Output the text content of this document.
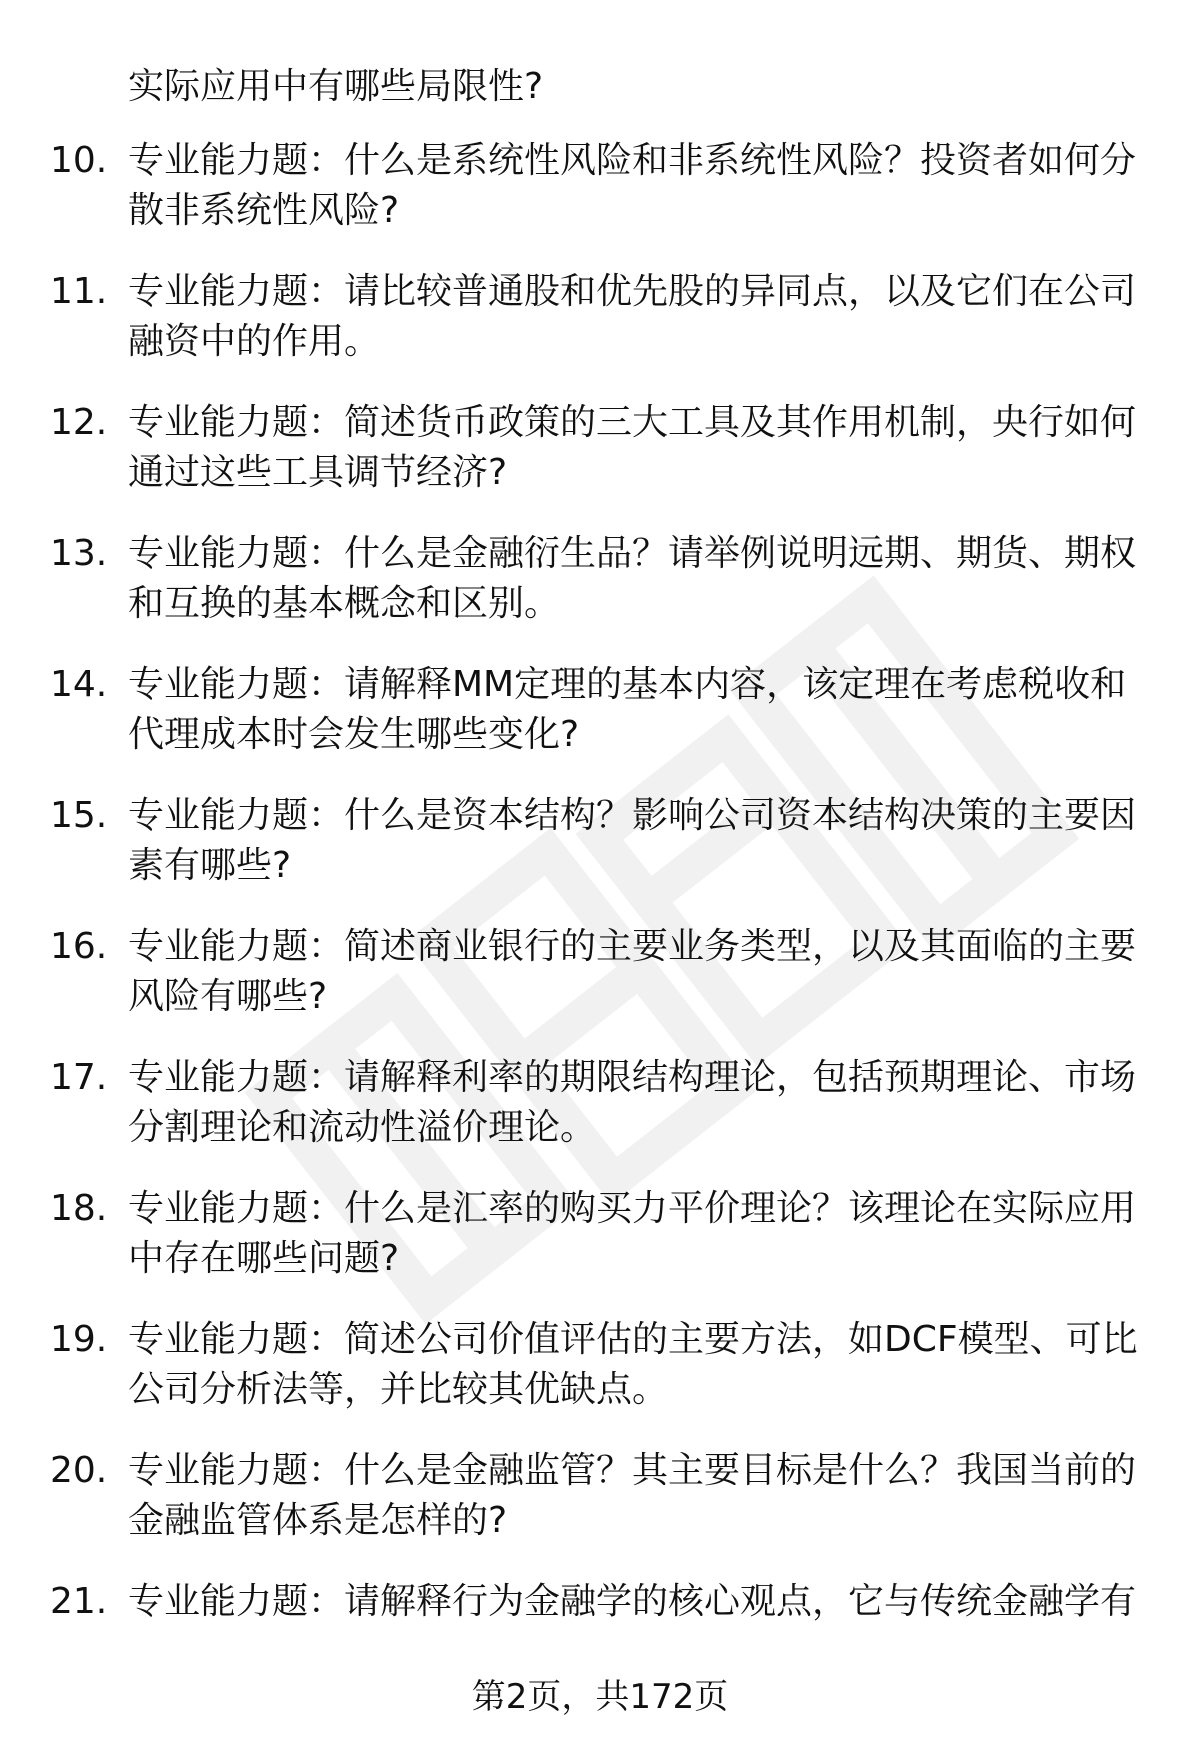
实际应用中有哪些局限性?
10. 专业能力题：什么是系统性风险和非系统性风险？投资者如何分散非系统性风险?
11. 专业能力题：请比较普通股和优先股的异同点，以及它们在公司融资中的作用。
12. 专业能力题：简述货币政策的三大工具及其作用机制，央行如何通过这些工具调节经济?
13. 专业能力题：什么是金融衍生品？请举例说明远期、期货、期权和互换的基本概念和区别。
14. 专业能力题：请解释MM定理的基本内容，该定理在考虑税收和代理成本时会发生哪些变化?
15. 专业能力题：什么是资本结构？影响公司资本结构决策的主要因素有哪些?
16. 专业能力题：简述商业银行的主要业务类型，以及其面临的主要风险有哪些?
17. 专业能力题：请解释利率的期限结构理论，包括预期理论、市场分割理论和流动性溢价理论。
18. 专业能力题：什么是汇率的购买力平价理论？该理论在实际应用中存在哪些问题?
19. 专业能力题：简述公司价值评估的主要方法，如DCF模型、可比公司分析法等，并比较其优缺点。
20. 专业能力题：什么是金融监管？其主要目标是什么？我国当前的金融监管体系是怎样的?
21. 专业能力题：请解释行为金融学的核心观点，它与传统金融学有
第2页，共172页
